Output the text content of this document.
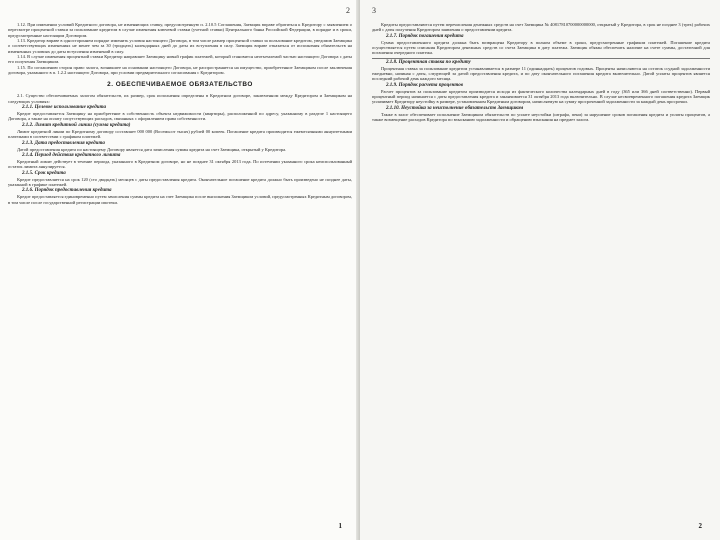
2

1.12. При изменении условий Кредитного договора, не изменяющих ставку, предусмотренную п. 2.10.5 Соглашения, Заемщик вправе обратиться к Кредитору с заявлением о пересмотре процентной ставки за пользование кредитом в случае изменения ключевой ставки (учетной ставки) Центрального банка Российской Федерации, в порядке и в сроки, предусмотренные настоящим Договором.

1.13. Кредитор вправе в одностороннем порядке изменить условия настоящего Договора, в том числе размер процентной ставки за пользование кредитом, уведомив Заемщика о соответствующих изменениях не менее чем за 30 (тридцать) календарных дней до даты их вступления в силу. Заемщик вправе отказаться от исполнения обязательств на измененных условиях до даты вступления изменений в силу.

1.14. В случае изменения процентной ставки Кредитор направляет Заемщику новый график платежей, который становится неотъемлемой частью настоящего Договора с даты его получения Заемщиком.

1.15. По соглашению сторон право залога, возникшее на основании настоящего Договора, не распространяется на имущество, приобретенное Заемщиком после заключения договора, указанного в п. 1.2.2 настоящего Договора, при условии предварительного согласования с Кредитором.

2. ОБЕСПЕЧИВАЕМОЕ ОБЯЗАТЕЛЬСТВО

2.1. Существо обеспечиваемых залогом обязательств, их размер, срок исполнения определены в Кредитном договоре, заключенном между Кредитором и Заемщиком на следующих условиях:

2.1.1. Целевое использование кредита

Кредит предоставляется Заемщику на приобретение в собственность объекта недвижимости (квартиры), расположенной по адресу, указанному в разделе 1 настоящего Договора, а также на оплату сопутствующих расходов, связанных с оформлением права собственности.

2.1.2. Лимит кредитной линии (сумма кредита)

Лимит кредитной линии по Кредитному договору составляет 000 000 (Восемьсот тысяч) рублей 00 копеек. Погашение кредита производится ежемесячными аннуитетными платежами в соответствии с графиком платежей.

2.1.3. Дата предоставления кредита

Датой предоставления кредита по настоящему Договору является дата зачисления суммы кредита на счет Заемщика, открытый у Кредитора.

2.1.4. Период действия кредитного лимита

Кредитный лимит действует в течение периода, указанного в Кредитном договоре, но не позднее 31 октября 2013 года. По истечении указанного срока неиспользованный остаток лимита аннулируется.

2.1.5. Срок кредита

Кредит предоставляется на срок 120 (сто двадцать) месяцев с даты предоставления кредита. Окончательное погашение кредита должно быть произведено не позднее даты, указанной в графике платежей.

2.1.6. Порядок предоставления кредита

Кредит предоставляется единовременно путем зачисления суммы кредита на счет Заемщика после выполнения Заемщиком условий, предусмотренных Кредитным договором, в том числе после государственной регистрации ипотеки.

1
3

Кредиты предоставляются путем перечисления денежных средств на счет Заемщика № 40817810700000000000, открытый у Кредитора, в срок не позднее 3 (трех) рабочих дней с даты получения Кредитором заявления о предоставлении кредита.

2.1.7. Порядок погашения кредита

Сумма предоставленного кредита должна быть возвращена Кредитору в полном объеме в сроки, предусмотренные графиком платежей. Погашение кредита осуществляется путем списания Кредитором денежных средств со счета Заемщика в дату платежа. Заемщик обязан обеспечить наличие на счете суммы, достаточной для погашения очередного платежа.

2.1.8. Процентная ставка по кредиту

Процентная ставка за пользование кредитом устанавливается в размере 11 (одиннадцать) процентов годовых. Проценты начисляются на остаток ссудной задолженности ежедневно, начиная с даты, следующей за датой предоставления кредита, и по дату окончательного погашения кредита включительно. Датой уплаты процентов является последний рабочий день каждого месяца.

2.1.9. Порядок расчета процентов

Расчет процентов за пользование кредитом производится исходя из фактического количества календарных дней в году (365 или 366 дней соответственно). Первый процентный период начинается с даты предоставления кредита и заканчивается 31 октября 2013 года включительно. В случае несвоевременного погашения кредита Заемщик уплачивает Кредитору неустойку в размере, установленном Кредитным договором, начисляемую на сумму просроченной задолженности за каждый день просрочки.

2.1.10. Неустойка за неисполнение обязательств Заемщиком

Также в залог обеспечивает исполнение Заемщиком обязательств по уплате неустойки (штрафа, пени) за нарушение сроков погашения кредита и уплаты процентов, а также возмещение расходов Кредитора по взысканию задолженности и обращению взыскания на предмет залога.

2
